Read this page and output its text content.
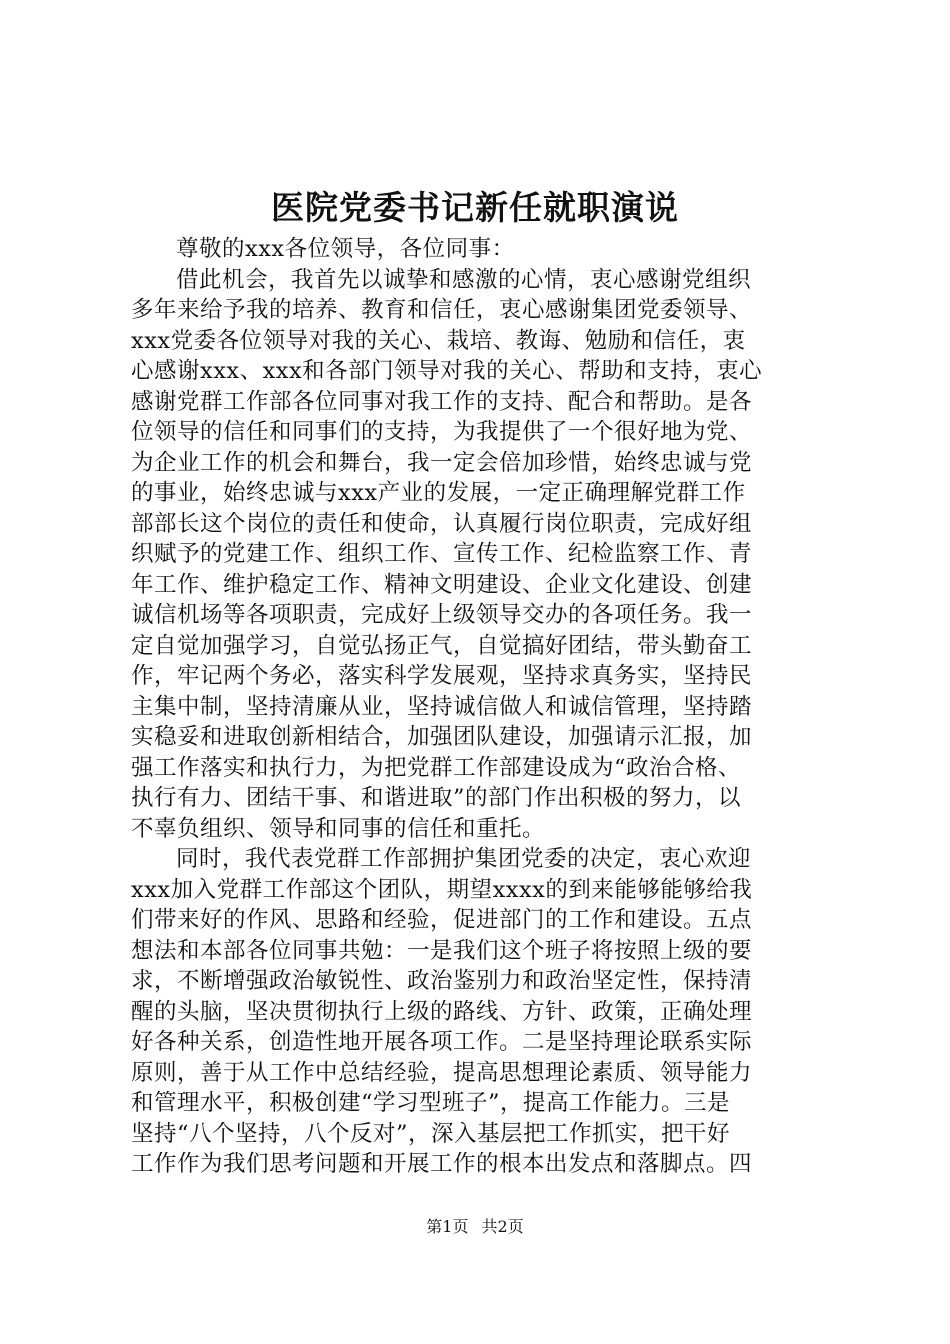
医院党委书记新任就职演说
尊敬的xxx各位领导，各位同事：
借此机会，我首先以诚挚和感激的心情，衷心感谢党组织
多年来给予我的培养、教育和信任，衷心感谢集团党委领导、
xxx党委各位领导对我的关心、栽培、教诲、勉励和信任，衷
心感谢xxx、xxx和各部门领导对我的关心、帮助和支持，衷心
感谢党群工作部各位同事对我工作的支持、配合和帮助。是各
位领导的信任和同事们的支持，为我提供了一个很好地为党、
为企业工作的机会和舞台，我一定会倍加珍惜，始终忠诚与党
的事业，始终忠诚与xxx产业的发展，一定正确理解党群工作
部部长这个岗位的责任和使命，认真履行岗位职责，完成好组
织赋予的党建工作、组织工作、宣传工作、纪检监察工作、青
年工作、维护稳定工作、精神文明建设、企业文化建设、创建
诚信机场等各项职责，完成好上级领导交办的各项任务。我一
定自觉加强学习，自觉弘扬正气，自觉搞好团结，带头勤奋工
作，牢记两个务必，落实科学发展观，坚持求真务实，坚持民
主集中制，坚持清廉从业，坚持诚信做人和诚信管理，坚持踏
实稳妥和进取创新相结合，加强团队建设，加强请示汇报，加
强工作落实和执行力，为把党群工作部建设成为“政治合格、
执行有力、团结干事、和谐进取”的部门作出积极的努力，以
不辜负组织、领导和同事的信任和重托。
同时，我代表党群工作部拥护集团党委的决定，衷心欢迎
xxx加入党群工作部这个团队，期望xxxx的到来能够能够给我
们带来好的作风、思路和经验，促进部门的工作和建设。五点
想法和本部各位同事共勉：一是我们这个班子将按照上级的要
求，不断增强政治敏锐性、政治鉴别力和政治坚定性，保持清
醒的头脑，坚决贯彻执行上级的路线、方针、政策，正确处理
好各种关系，创造性地开展各项工作。二是坚持理论联系实际
原则，善于从工作中总结经验，提高思想理论素质、领导能力
和管理水平，积极创建“学习型班子”，提高工作能力。三是
坚持“八个坚持，八个反对”，深入基层把工作抓实，把干好
工作作为我们思考问题和开展工作的根本出发点和落脚点。四
第1页 共2页
